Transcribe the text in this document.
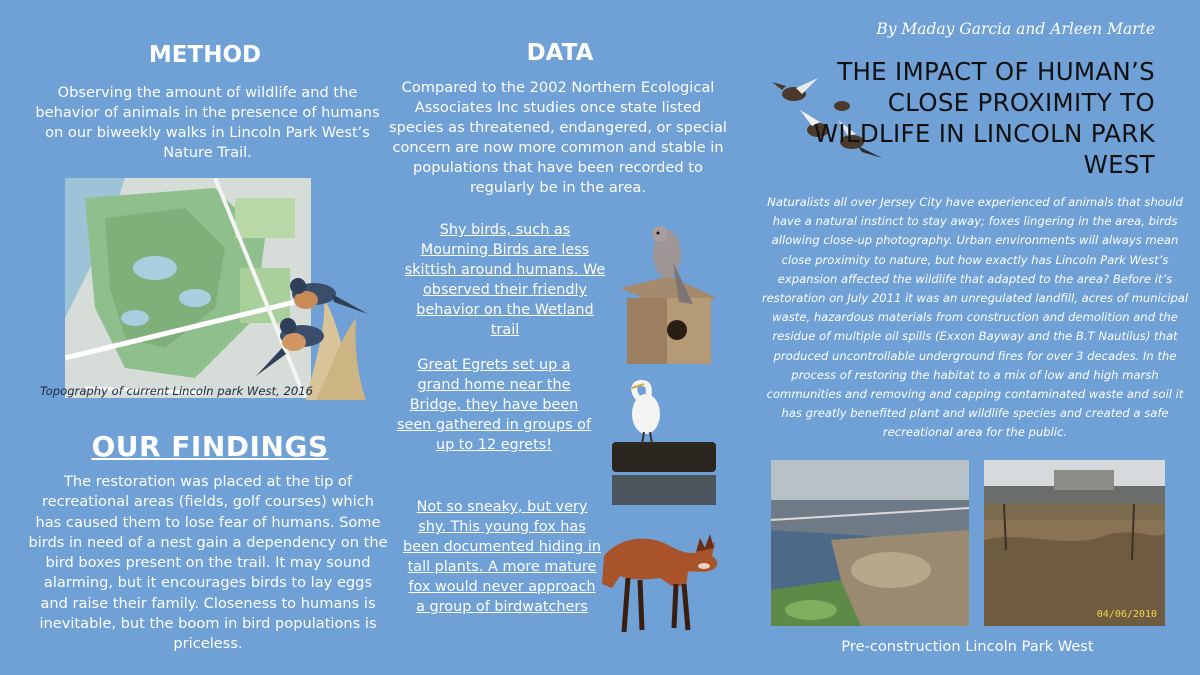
METHOD
Observing the amount of wildlife and the behavior of animals in the presence of humans on our biweekly walks in Lincoln Park West’s Nature Trail.
Topography of current Lincoln park West, 2016
OUR FINDINGS
The restoration was placed at the tip of recreational areas (fields, golf courses) which has caused them to lose fear of humans. Some birds in need of a nest gain a dependency on the bird boxes present on the trail. It may sound alarming, but it encourages birds to lay eggs and raise their family. Closeness to humans is inevitable, but the boom in bird populations is priceless.
DATA
Compared to the 2002 Northern Ecological Associates Inc studies once state listed species as threatened, endangered, or special concern are now more common and stable in populations that have been recorded to regularly be in the area.
Shy birds, such as Mourning Birds are less skittish around humans. We observed their friendly behavior on the Wetland trail
Great Egrets set up a grand home near the Bridge, they have been seen gathered in groups of up to 12 egrets!
Not so sneaky, but very shy. This young fox has been documented hiding in tall plants. A more mature fox would never approach a group of birdwatchers
By Maday Garcia and Arleen Marte
THE IMPACT OF HUMAN’S CLOSE PROXIMITY TO WILDLIFE IN LINCOLN PARK WEST
Naturalists all over Jersey City have experienced of animals that should have a natural instinct to stay away; foxes lingering in the area, birds allowing close-up photography. Urban environments will always mean close proximity to nature, but how exactly has Lincoln Park West’s expansion affected the wildlife that adapted to the area? Before it’s restoration on July 2011 it was an unregulated landfill, acres of municipal waste, hazardous materials from construction and demolition and the residue of multiple oil spills (Exxon Bayway and the B.T Nautilus) that produced uncontrollable underground fires for over 3 decades. In the process of restoring the habitat to a mix of low and high marsh communities and removing and capping contaminated waste and soil it has greatly benefited plant and wildlife species and created a safe recreational area for the public.
04/06/2010
Pre-construction Lincoln Park West
